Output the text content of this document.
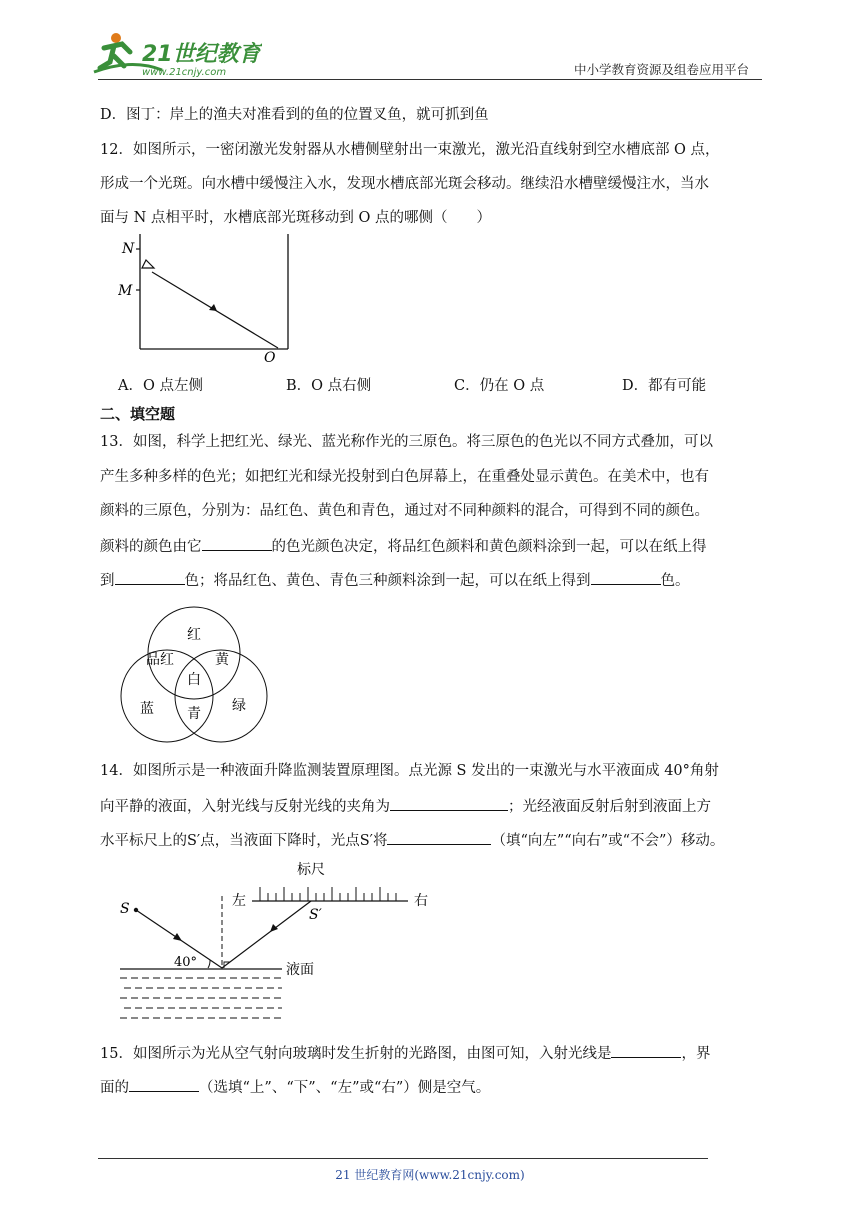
21世纪教育
www.21cnjy.com	中小学教育资源及组卷应用平台
D．图丁：岸上的渔夫对准看到的鱼的位置叉鱼，就可抓到鱼
12．如图所示，一密闭激光发射器从水槽侧壁射出一束激光，激光沿直线射到空水槽底部 O 点，
形成一个光斑。向水槽中缓慢注入水，发现水槽底部光斑会移动。继续沿水槽壁缓慢注水，当水
面与 N 点相平时，水槽底部光斑移动到 O 点的哪侧（　　）
N
M
O
A．O 点左侧	B．O 点右侧	C．仍在 O 点	D．都有可能
二、填空题
13．如图，科学上把红光、绿光、蓝光称作光的三原色。将三原色的色光以不同方式叠加，可以
产生多种多样的色光；如把红光和绿光投射到白色屏幕上，在重叠处显示黄色。在美术中，也有
颜料的三原色，分别为：品红色、黄色和青色，通过对不同种颜料的混合，可得到不同的颜色。
颜料的颜色由它	的色光颜色决定，将品红色颜料和黄色颜料涂到一起，可以在纸上得
到	色；将品红色、黄色、青色三种颜料涂到一起，可以在纸上得到	色。
红
品红	黄
白
蓝 青 绿
14．如图所示是一种液面升降监测装置原理图。点光源 S 发出的一束激光与水平液面成 40°角射
向平静的液面，入射光线与反射光线的夹角为	；光经液面反射后射到液面上方
水平标尺上的S′点，当液面下降时，光点S′将	（填“向左”“向右”或“不会”）移动。
标尺
左	右
S	S′
40°	液面
15．如图所示为光从空气射向玻璃时发生折射的光路图，由图可知，入射光线是	，界
面的	（选填“上”、“下”、“左”或“右”）侧是空气。
21 世纪教育网(www.21cnjy.com)
